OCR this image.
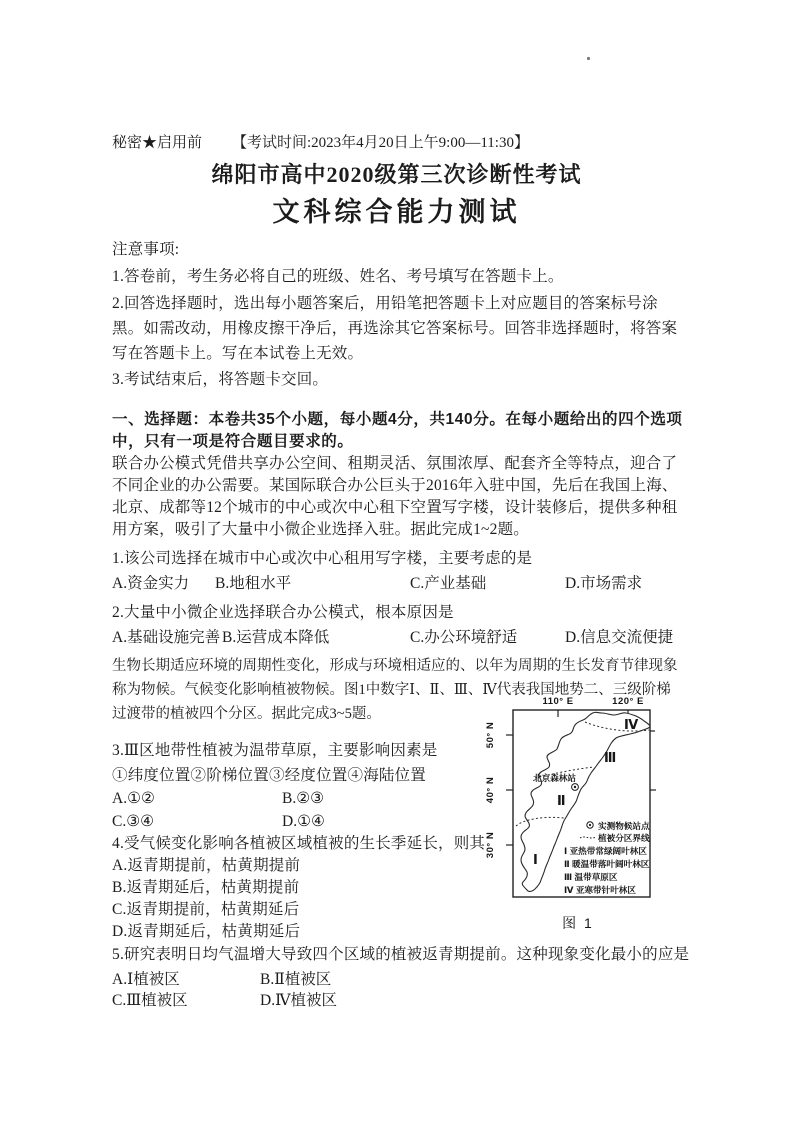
秘密★启用前 【考试时间:2023年4月20日上午9:00—11:30】
绵阳市高中2020级第三次诊断性考试
文科综合能力测试
注意事项:
1.答卷前，考生务必将自己的班级、姓名、考号填写在答题卡上。
2.回答选择题时，选出每小题答案后，用铅笔把答题卡上对应题目的答案标号涂
黑。如需改动，用橡皮擦干净后，再选涂其它答案标号。回答非选择题时，将答案
写在答题卡上。写在本试卷上无效。
3.考试结束后，将答题卡交回。
一、选择题：本卷共35个小题，每小题4分，共140分。在每小题给出的四个选项
中，只有一项是符合题目要求的。
联合办公模式凭借共享办公空间、租期灵活、氛围浓厚、配套齐全等特点，迎合了
不同企业的办公需要。某国际联合办公巨头于2016年入驻中国，先后在我国上海、
北京、成都等12个城市的中心或次中心租下空置写字楼，设计装修后，提供多种租
用方案，吸引了大量中小微企业选择入驻。据此完成1~2题。
1.该公司选择在城市中心或次中心租用写字楼，主要考虑的是
A.资金实力 B.地租水平	C.产业基础	D.市场需求
2.大量中小微企业选择联合办公模式，根本原因是
A.基础设施完善 B.运营成本降低	C.办公环境舒适	D.信息交流便捷
生物长期适应环境的周期性变化，形成与环境相适应的、以年为周期的生长发育节律现象
称为物候。气候变化影响植被物候。图1中数字Ⅰ、Ⅱ、Ⅲ、Ⅳ代表我国地势二、三级阶梯
过渡带的植被四个分区。据此完成3~5题。
3.Ⅲ区地带性植被为温带草原，主要影响因素是
①纬度位置②阶梯位置③经度位置④海陆位置
A.①②	B.②③
C.③④	D.①④
4.受气候变化影响各植被区域植被的生长季延长，则其
A.返青期提前，枯黄期提前
B.返青期延后，枯黄期提前
C.返青期提前，枯黄期延后
D.返青期延后，枯黄期延后
5.研究表明日均气温增大导致四个区域的植被返青期提前。这种现象变化最小的应是
A.Ⅰ植被区	B.Ⅱ植被区
C.Ⅲ植被区	D.Ⅳ植被区
110° E	120° E
50° N
40° N
30° N
Ⅰ
Ⅱ
Ⅲ
Ⅳ
北京森林站
实测物候站点
植被分区界线
Ⅰ 亚热带常绿阔叶林区
Ⅱ 暖温带落叶阔叶林区
Ⅲ 温带草原区
Ⅳ 亚寒带针叶林区
图 1
